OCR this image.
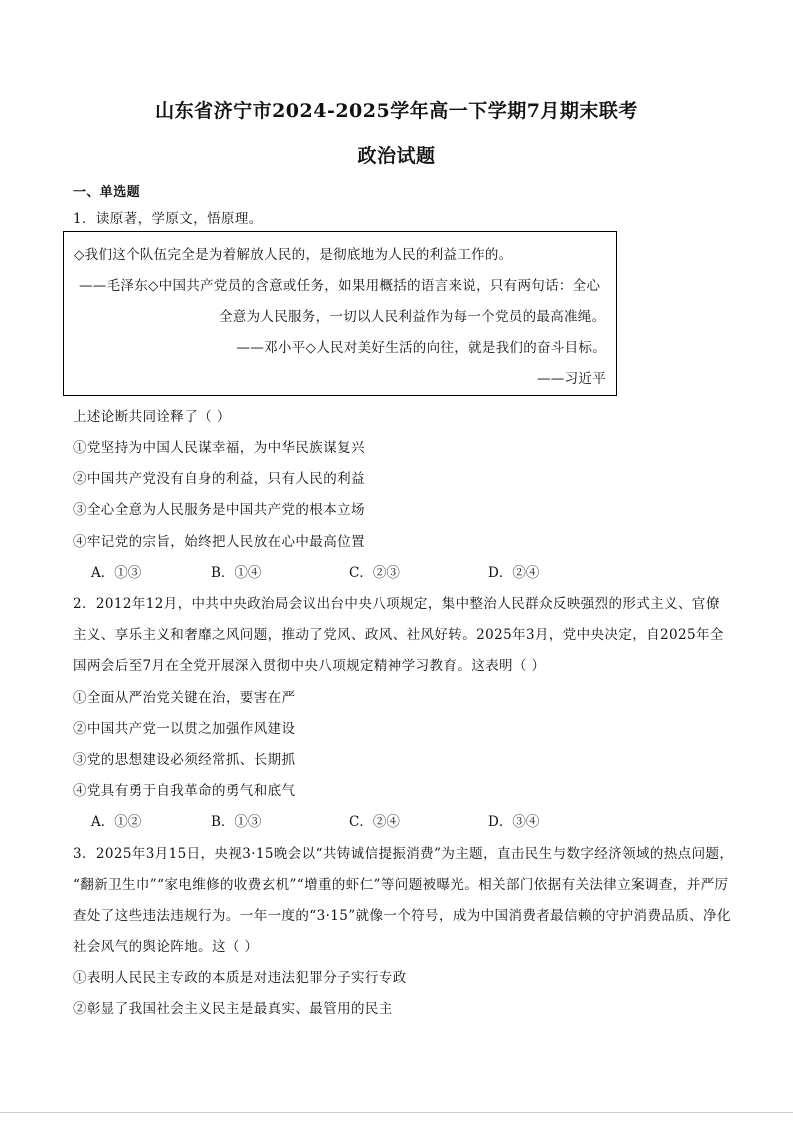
山东省济宁市2024-2025学年高一下学期7月期末联考
政治试题
一、单选题
1．读原著，学原文，悟原理。
◇我们这个队伍完全是为着解放人民的，是彻底地为人民的利益工作的。
——毛泽东◇中国共产党员的含意或任务，如果用概括的语言来说，只有两句话：全心
全意为人民服务，一切以人民利益作为每一个党员的最高准绳。
——邓小平◇人民对美好生活的向往，就是我们的奋斗目标。
——习近平
上述论断共同诠释了（ ）
①党坚持为中国人民谋幸福，为中华民族谋复兴
②中国共产党没有自身的利益，只有人民的利益
③全心全意为人民服务是中国共产党的根本立场
④牢记党的宗旨，始终把人民放在心中最高位置
A．①③	B．①④	C．②③	D．②④
2．2012年12月，中共中央政治局会议出台中央八项规定，集中整治人民群众反映强烈的形式主义、官僚
主义、享乐主义和奢靡之风问题，推动了党风、政风、社风好转。2025年3月，党中央决定，自2025年全
国两会后至7月在全党开展深入贯彻中央八项规定精神学习教育。这表明（ ）
①全面从严治党关键在治，要害在严
②中国共产党一以贯之加强作风建设
③党的思想建设必须经常抓、长期抓
④党具有勇于自我革命的勇气和底气
A．①②	B．①③	C．②④	D．③④
3．2025年3月15日，央视3·15晚会以“共铸诚信提振消费”为主题，直击民生与数字经济领域的热点问题，
“翻新卫生巾”“家电维修的收费玄机”“增重的虾仁”等问题被曝光。相关部门依据有关法律立案调查，并严厉
查处了这些违法违规行为。一年一度的“3·15”就像一个符号，成为中国消费者最信赖的守护消费品质、净化
社会风气的舆论阵地。这（ ）
①表明人民民主专政的本质是对违法犯罪分子实行专政
②彰显了我国社会主义民主是最真实、最管用的民主
